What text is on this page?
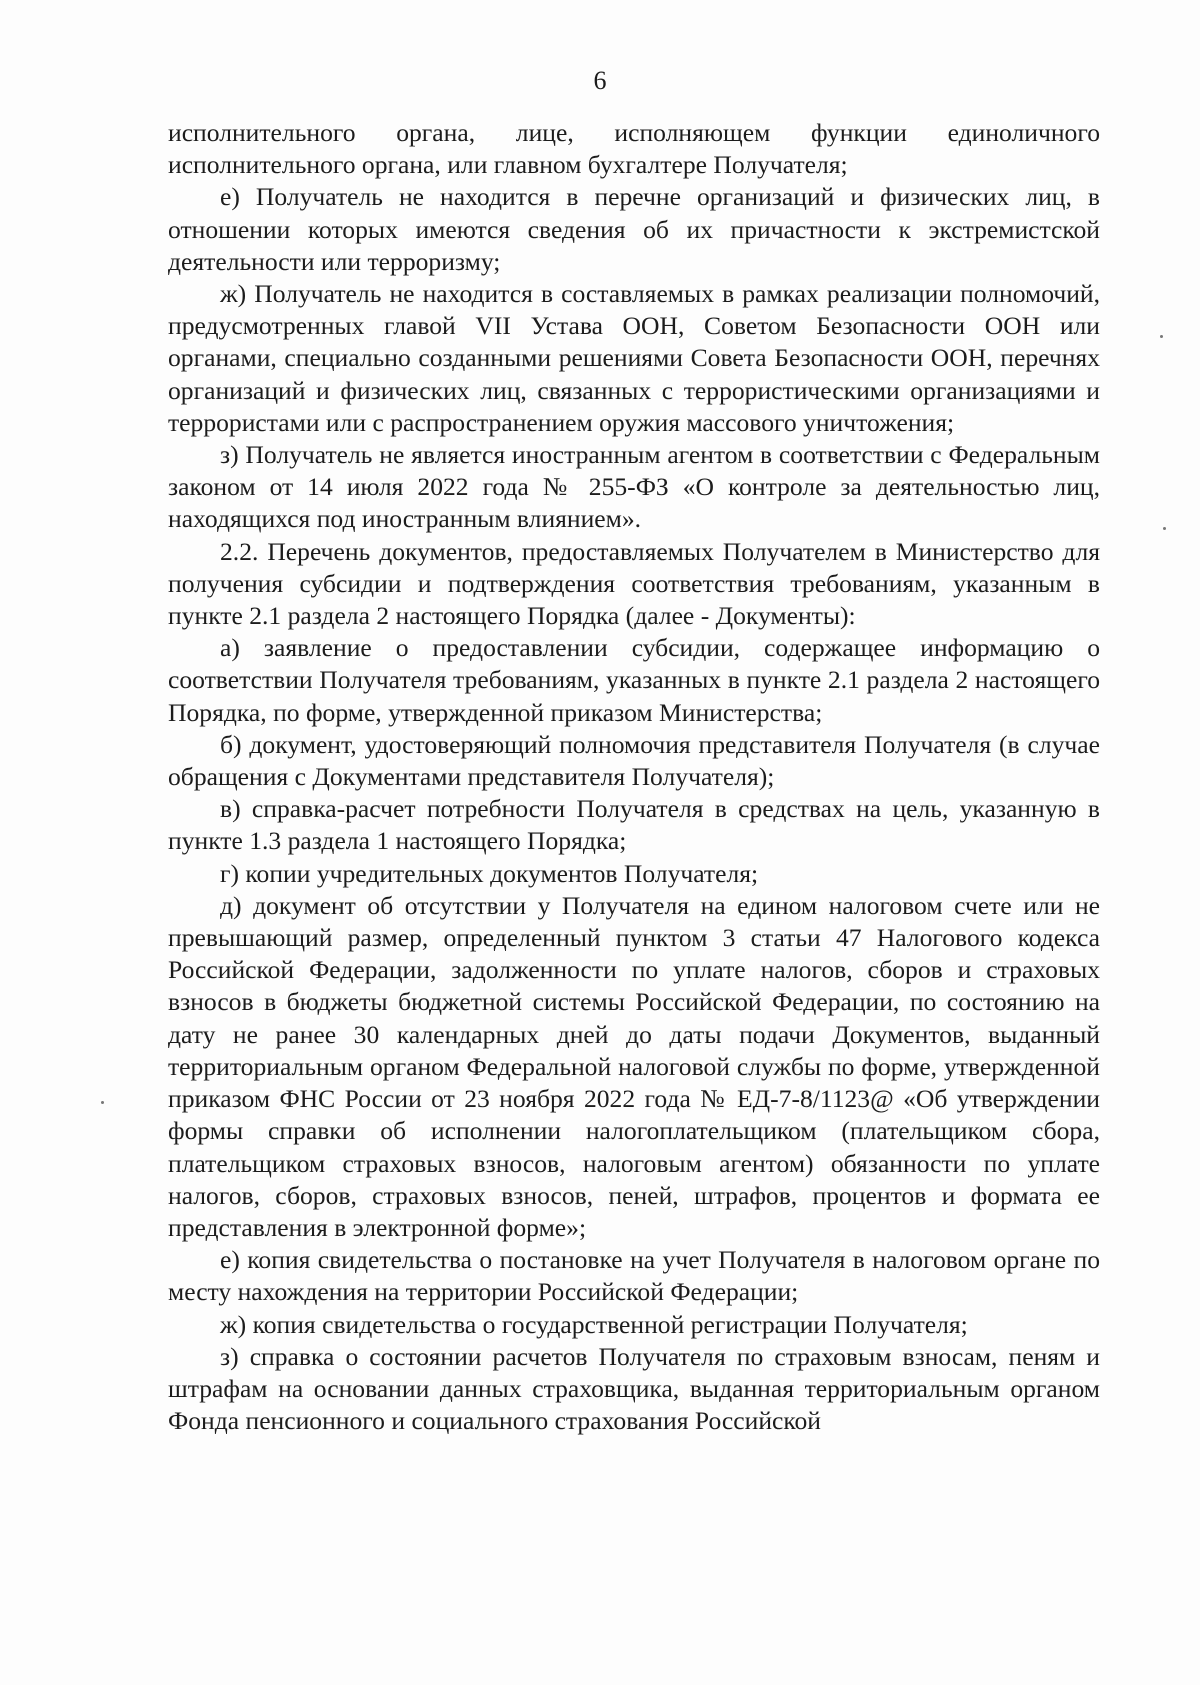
6

исполнительного органа, лице, исполняющем функции единоличного исполнительного органа, или главном бухгалтере Получателя;

е) Получатель не находится в перечне организаций и физических лиц, в отношении которых имеются сведения об их причастности к экстремистской деятельности или терроризму;

ж) Получатель не находится в составляемых в рамках реализации полномочий, предусмотренных главой VII Устава ООН, Советом Безопасности ООН или органами, специально созданными решениями Совета Безопасности ООН, перечнях организаций и физических лиц, связанных с террористическими организациями и террористами или с распространением оружия массового уничтожения;

з) Получатель не является иностранным агентом в соответствии с Федеральным законом от 14 июля 2022 года № 255-ФЗ «О контроле за деятельностью лиц, находящихся под иностранным влиянием».

2.2. Перечень документов, предоставляемых Получателем в Министерство для получения субсидии и подтверждения соответствия требованиям, указанным в пункте 2.1 раздела 2 настоящего Порядка (далее - Документы):

а) заявление о предоставлении субсидии, содержащее информацию о соответствии Получателя требованиям, указанных в пункте 2.1 раздела 2 настоящего Порядка, по форме, утвержденной приказом Министерства;

б) документ, удостоверяющий полномочия представителя Получателя (в случае обращения с Документами представителя Получателя);

в) справка-расчет потребности Получателя в средствах на цель, указанную в пункте 1.3 раздела 1 настоящего Порядка;

г) копии учредительных документов Получателя;

д) документ об отсутствии у Получателя на едином налоговом счете или не превышающий размер, определенный пунктом 3 статьи 47 Налогового кодекса Российской Федерации, задолженности по уплате налогов, сборов и страховых взносов в бюджеты бюджетной системы Российской Федерации, по состоянию на дату не ранее 30 календарных дней до даты подачи Документов, выданный территориальным органом Федеральной налоговой службы по форме, утвержденной приказом ФНС России от 23 ноября 2022 года № ЕД-7-8/1123@ «Об утверждении формы справки об исполнении налогоплательщиком (плательщиком сбора, плательщиком страховых взносов, налоговым агентом) обязанности по уплате налогов, сборов, страховых взносов, пеней, штрафов, процентов и формата ее представления в электронной форме»;

е) копия свидетельства о постановке на учет Получателя в налоговом органе по месту нахождения на территории Российской Федерации;

ж) копия свидетельства о государственной регистрации Получателя;

з) справка о состоянии расчетов Получателя по страховым взносам, пеням и штрафам на основании данных страховщика, выданная территориальным органом Фонда пенсионного и социального страхования Российской
